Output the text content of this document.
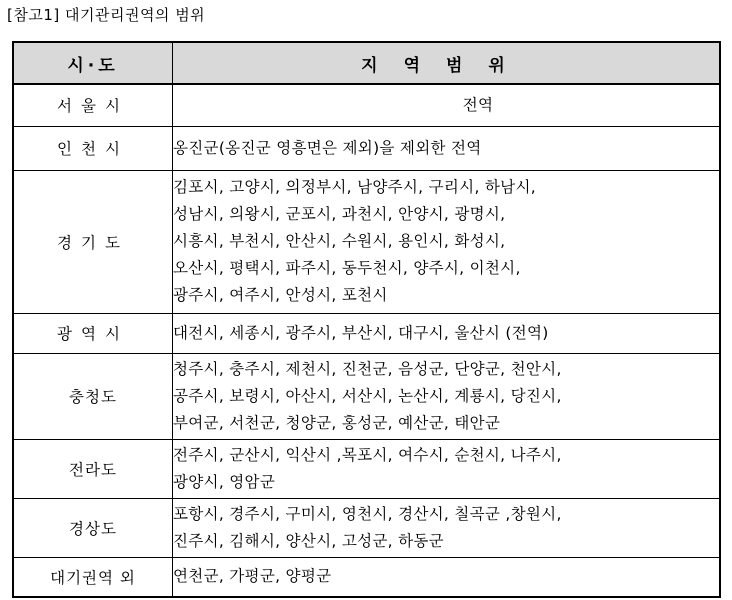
[참고1] 대기관리권역의 범위
시·도	지역범위
서울시	전역

인천시	옹진군(옹진군 영흥면은 제외)을 제외한 전역

경기도	김포시, 고양시, 의정부시, 남양주시, 구리시, 하남시,
성남시, 의왕시, 군포시, 과천시, 안양시, 광명시,
시흥시, 부천시, 안산시, 수원시, 용인시, 화성시,
오산시, 평택시, 파주시, 동두천시, 양주시, 이천시,
광주시, 여주시, 안성시, 포천시

광역시	대전시, 세종시, 광주시, 부산시, 대구시, 울산시 (전역)

충청도	청주시, 충주시, 제천시, 진천군, 음성군, 단양군, 천안시,
공주시, 보령시, 아산시, 서산시, 논산시, 계룡시, 당진시,
부여군, 서천군, 청양군, 홍성군, 예산군, 태안군

전라도	전주시, 군산시, 익산시 ,목포시, 여수시, 순천시, 나주시,
광양시, 영암군

경상도	포항시, 경주시, 구미시, 영천시, 경산시, 칠곡군 ,창원시,
진주시, 김해시, 양산시, 고성군, 하동군

대기권역 외	연천군, 가평군, 양평군
